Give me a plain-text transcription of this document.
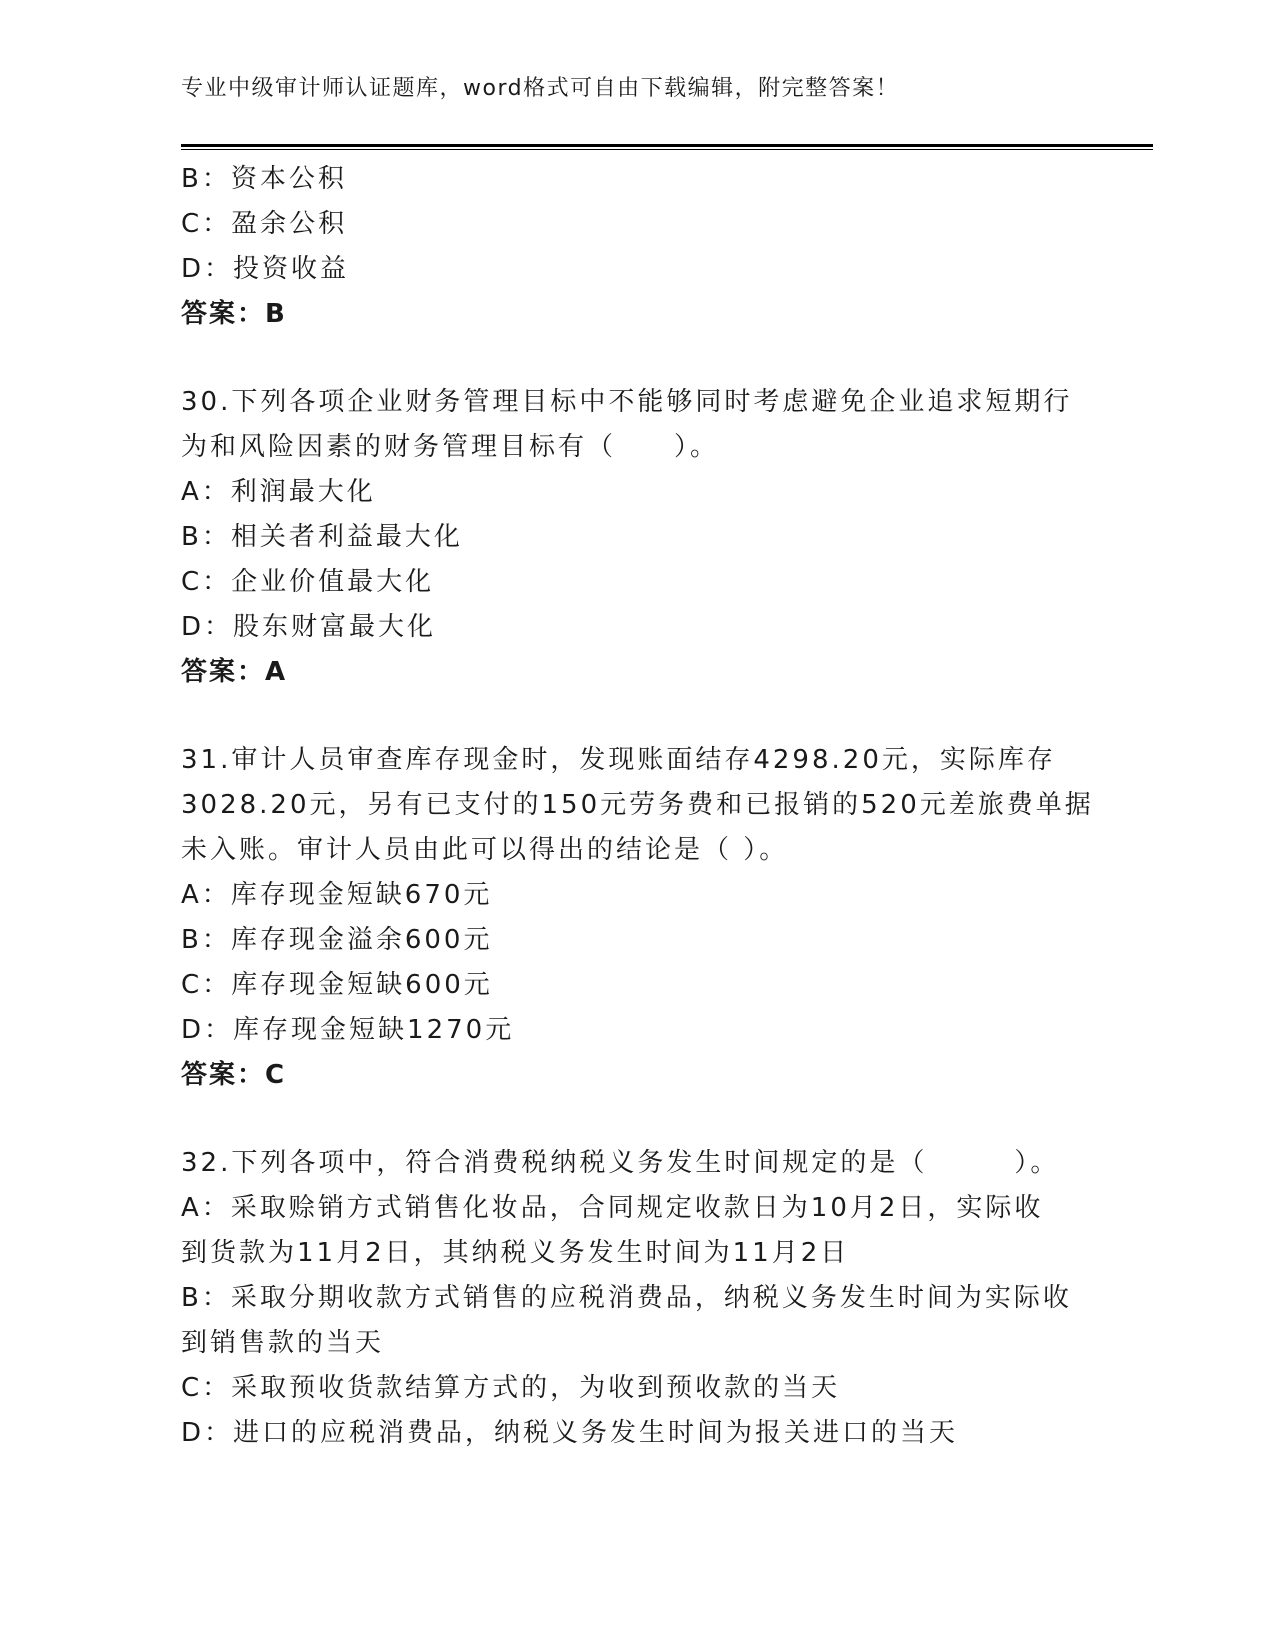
专业中级审计师认证题库，word格式可自由下载编辑，附完整答案！
B：资本公积
C：盈余公积
D：投资收益
答案：B
30.下列各项企业财务管理目标中不能够同时考虑避免企业追求短期行
为和风险因素的财务管理目标有（　　）。
A：利润最大化
B：相关者利益最大化
C：企业价值最大化
D：股东财富最大化
答案：A
31.审计人员审查库存现金时，发现账面结存4298.20元，实际库存
3028.20元，另有已支付的150元劳务费和已报销的520元差旅费单据
未入账。审计人员由此可以得出的结论是（ ）。
A：库存现金短缺670元
B：库存现金溢余600元
C：库存现金短缺600元
D：库存现金短缺1270元
答案：C
32.下列各项中，符合消费税纳税义务发生时间规定的是（　　　）。
A：采取赊销方式销售化妆品，合同规定收款日为10月2日，实际收
到货款为11月2日，其纳税义务发生时间为11月2日
B：采取分期收款方式销售的应税消费品，纳税义务发生时间为实际收
到销售款的当天
C：采取预收货款结算方式的，为收到预收款的当天
D：进口的应税消费品，纳税义务发生时间为报关进口的当天
